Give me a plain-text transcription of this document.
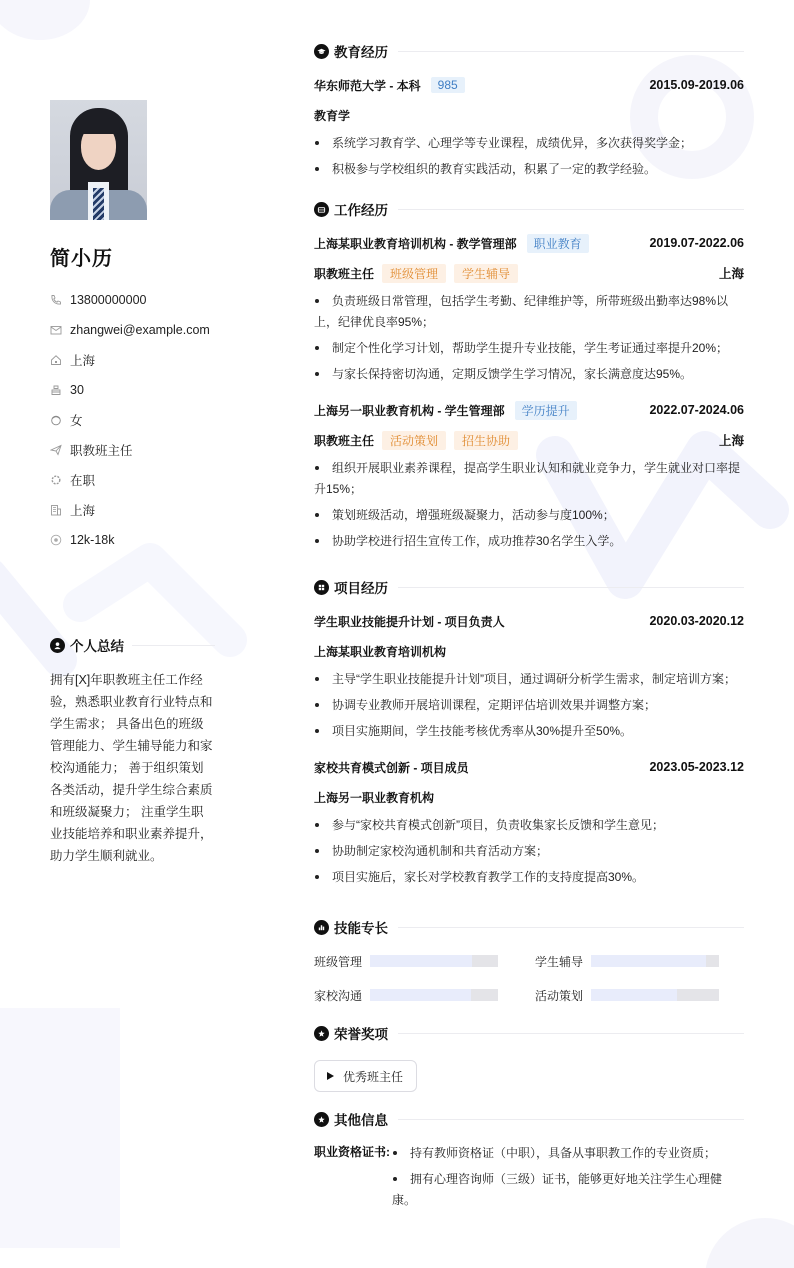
简小历
13800000000
zhangwei@example.com
上海
30
女
职教班主任
在职
上海
12k-18k
个人总结
拥有[X]年职教班主任工作经验，熟悉职业教育行业特点和学生需求； 具备出色的班级管理能力、学生辅导能力和家校沟通能力； 善于组织策划各类活动，提升学生综合素质和班级凝聚力； 注重学生职业技能培养和职业素养提升，助力学生顺利就业。
教育经历
华东师范大学 - 本科	985	2015.09-2019.06
教育学
系统学习教育学、心理学等专业课程，成绩优异，多次获得奖学金；
积极参与学校组织的教育实践活动，积累了一定的教学经验。
工作经历
上海某职业教育培训机构 - 教学管理部	职业教育	2019.07-2022.06
职教班主任	班级管理	学生辅导	上海
负责班级日常管理，包括学生考勤、纪律维护等，所带班级出勤率达98%以上，纪律优良率95%；
制定个性化学习计划，帮助学生提升专业技能，学生考证通过率提升20%；
与家长保持密切沟通，定期反馈学生学习情况，家长满意度达95%。
上海另一职业教育机构 - 学生管理部	学历提升	2022.07-2024.06
职教班主任	活动策划	招生协助	上海
组织开展职业素养课程，提高学生职业认知和就业竞争力，学生就业对口率提升15%；
策划班级活动，增强班级凝聚力，活动参与度100%；
协助学校进行招生宣传工作，成功推荐30名学生入学。
项目经历
学生职业技能提升计划 - 项目负责人	2020.03-2020.12
上海某职业教育培训机构
主导“学生职业技能提升计划”项目，通过调研分析学生需求，制定培训方案；
协调专业教师开展培训课程，定期评估培训效果并调整方案；
项目实施期间，学生技能考核优秀率从30%提升至50%。
家校共育模式创新 - 项目成员	2023.05-2023.12
上海另一职业教育机构
参与“家校共育模式创新”项目，负责收集家长反馈和学生意见；
协助制定家校沟通机制和共育活动方案；
项目实施后，家长对学校教育教学工作的支持度提高30%。
技能专长
班级管理	学生辅导
家校沟通	活动策划
荣誉奖项
优秀班主任
其他信息
职业资格证书:	持有教师资格证（中职），具备从事职教工作的专业资质；
拥有心理咨询师（三级）证书，能够更好地关注学生心理健康。
